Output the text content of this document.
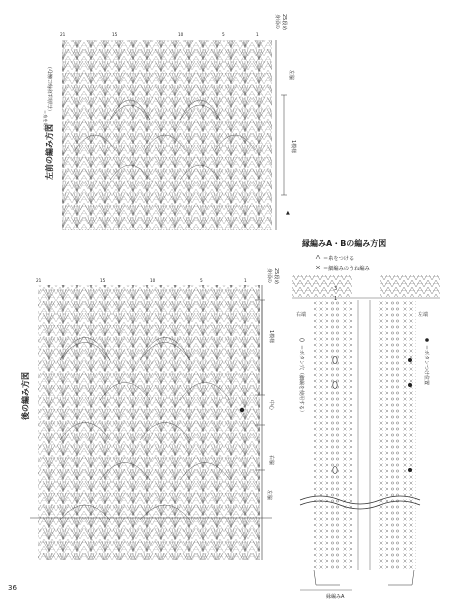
21	15	10	5	1
身頃の 25段め
左脇
1模様
▲
＝糸を切る
左前の編み方図
（右前は対称に編む）
21	15	10	5	1	身頃の 25段め
1模様
中心
右脇
左脇
後の編み方図
縁編みA・Bの編み方図
＝糸をつける
＝細編みのうね編み
3
1
右端	左端
＝ボタンつけ位置
＝ボタン穴（細編を使用する）
縁編みA
36
